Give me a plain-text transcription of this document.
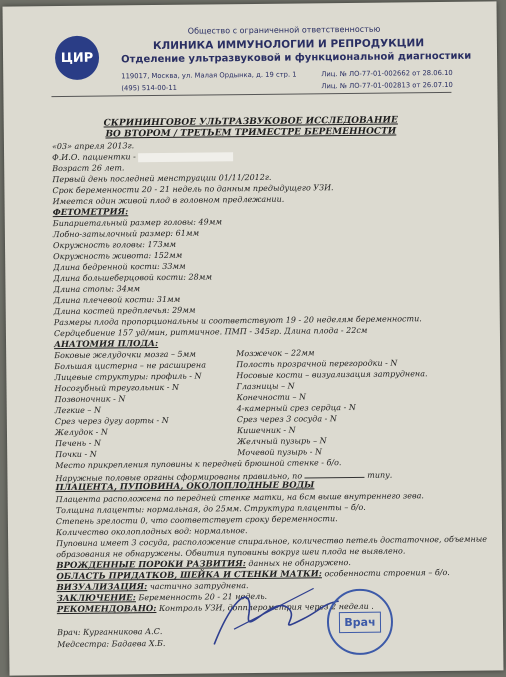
ЦИР
Общество с ограниченной ответственностью
КЛИНИКА ИММУНОЛОГИИ И РЕПРОДУКЦИИ
Отделение ультразвуковой и функциональной диагностики
119017, Москва, ул. Малая Ордынка, д. 19 стр. 1
(495) 514-00-11
Лиц. № ЛО-77-01-002662 от 28.06.10
Лиц. № ЛО-77-01-002813 от 26.07.10
СКРИНИНГОВОЕ УЛЬТРАЗВУКОВОЕ ИССЛЕДОВАНИЕ
ВО ВТОРОМ / ТРЕТЬЕМ ТРИМЕСТРЕ БЕРЕМЕННОСТИ
«03» апреля 2013г.
Ф.И.О. пациентки -
Возраст 26 лет.
Первый день последней менструации 01/11/2012г.
Срок беременности 20 - 21 недель по данным предыдущего УЗИ.
Имеется один живой плод в головном предлежании.
ФЕТОМЕТРИЯ:
Бипариетальный размер головы: 49мм
Лобно-затылочный размер: 61мм
Окружность головы: 173мм
Окружность живота: 152мм
Длина бедренной кости: 33мм
Длина большеберцовой кости: 28мм
Длина стопы: 34мм
Длина плечевой кости: 31мм
Длина костей предплечья: 29мм
Размеры плода пропорциональны и соответствуют 19 - 20 неделям беременности.
Сердцебиение 157 уд/мин, ритмичное. ПМП - 345гр. Длина плода - 22см
АНАТОМИЯ ПЛОДА:
Боковые желудочки мозга – 5мм
Большая цистерна – не расширена
Лицевые структуры: профиль - N
Носогубный треугольник - N
Позвоночник - N
Легкие – N
Срез через дугу аорты - N
Желудок - N
Печень - N
Почки - N
Мозжечок – 22мм
Полость прозрачной перегородки - N
Носовые кости – визуализация затруднена.
Глазницы – N
Конечности – N
4-камерный срез сердца - N
Срез через 3 сосуда - N
Кишечник - N
Желчный пузырь – N
Мочевой пузырь - N
Место прикрепления пуповины к передней брюшной стенке - б/о.
Наружные половые органы сформированы правильно, по	типу.
ПЛАЦЕНТА, ПУПОВИНА, ОКОЛОПЛОДНЫЕ ВОДЫ
Плацента расположена по передней стенке матки, на 6см выше внутреннего зева.
Толщина плаценты: нормальная, до 25мм. Структура плаценты – б/о.
Степень зрелости 0, что соответствует сроку беременности.
Количество околоплодных вод: нормальное.
Пуповина имеет 3 сосуда, расположение спиральное, количество петель достаточное, объемные
образования не обнаружены. Обвития пуповины вокруг шеи плода не выявлено.
ВРОЖДЕННЫЕ ПОРОКИ РАЗВИТИЯ: данных не обнаружено.
ОБЛАСТЬ ПРИДАТКОВ, ШЕЙКА И СТЕНКИ МАТКИ: особенности строения – б/о.
ВИЗУАЛИЗАЦИЯ: частично затруднена.
ЗАКЛЮЧЕНИЕ: Беременность 20 - 21 недель.
РЕКОМЕНДОВАНО: Контроль УЗИ, допплерометрия через 2 недели .
Врач: Курганникова А.С.
Медсестра: Бадаева Х.Б.
Врач
